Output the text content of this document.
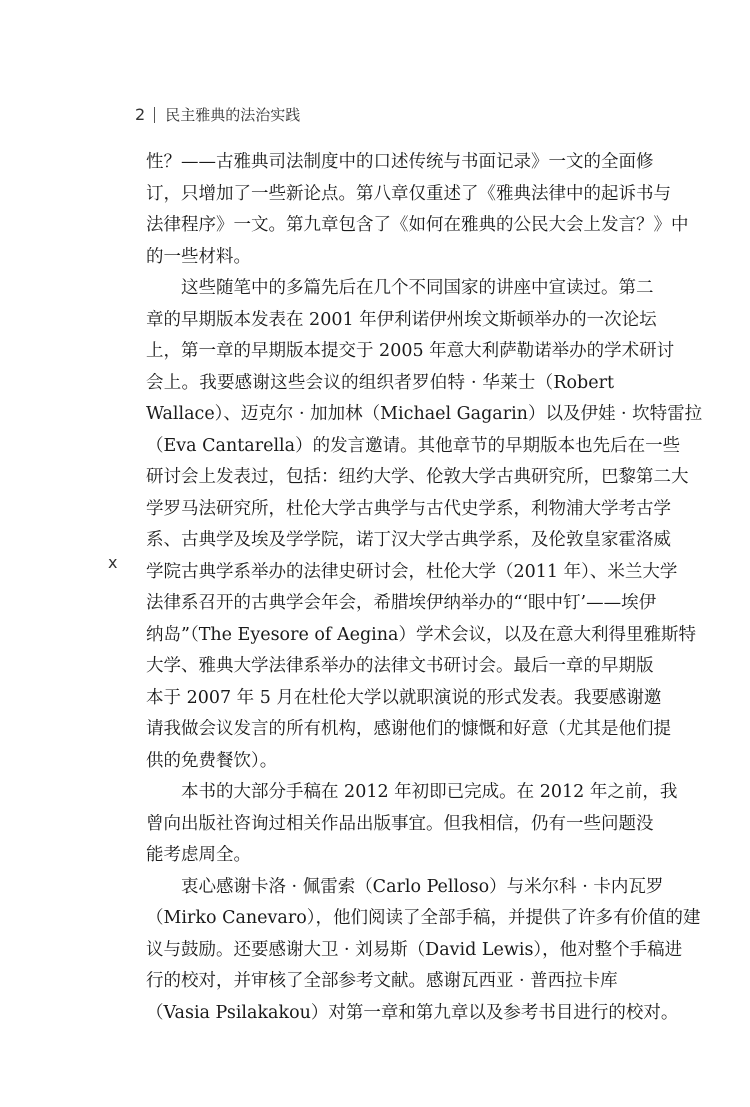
2 民主雅典的法治实践
x
性？——古雅典司法制度中的口述传统与书面记录》一文的全面修
订，只增加了一些新论点。第八章仅重述了《雅典法律中的起诉书与
法律程序》一文。第九章包含了《如何在雅典的公民大会上发言？》中
的一些材料。
这些随笔中的多篇先后在几个不同国家的讲座中宣读过。第二
章的早期版本发表在 2001 年伊利诺伊州埃文斯顿举办的一次论坛
上，第一章的早期版本提交于 2005 年意大利萨勒诺举办的学术研讨
会上。我要感谢这些会议的组织者罗伯特 · 华莱士（Robert
Wallace）、迈克尔 · 加加林（Michael Gagarin）以及伊娃 · 坎特雷拉
（Eva Cantarella）的发言邀请。其他章节的早期版本也先后在一些
研讨会上发表过，包括：纽约大学、伦敦大学古典研究所，巴黎第二大
学罗马法研究所，杜伦大学古典学与古代史学系，利物浦大学考古学
系、古典学及埃及学学院，诺丁汉大学古典学系，及伦敦皇家霍洛威
学院古典学系举办的法律史研讨会，杜伦大学（2011 年）、米兰大学
法律系召开的古典学会年会，希腊埃伊纳举办的“‘眼中钉’——埃伊
纳岛”（The Eyesore of Aegina）学术会议，以及在意大利得里雅斯特
大学、雅典大学法律系举办的法律文书研讨会。最后一章的早期版
本于 2007 年 5 月在杜伦大学以就职演说的形式发表。我要感谢邀
请我做会议发言的所有机构，感谢他们的慷慨和好意（尤其是他们提
供的免费餐饮）。
本书的大部分手稿在 2012 年初即已完成。在 2012 年之前，我
曾向出版社咨询过相关作品出版事宜。但我相信，仍有一些问题没
能考虑周全。
衷心感谢卡洛 · 佩雷索（Carlo Pelloso）与米尔科 · 卡内瓦罗
（Mirko Canevaro），他们阅读了全部手稿，并提供了许多有价值的建
议与鼓励。还要感谢大卫 · 刘易斯（David Lewis），他对整个手稿进
行的校对，并审核了全部参考文献。感谢瓦西亚 · 普西拉卡库
（Vasia Psilakakou）对第一章和第九章以及参考书目进行的校对。
